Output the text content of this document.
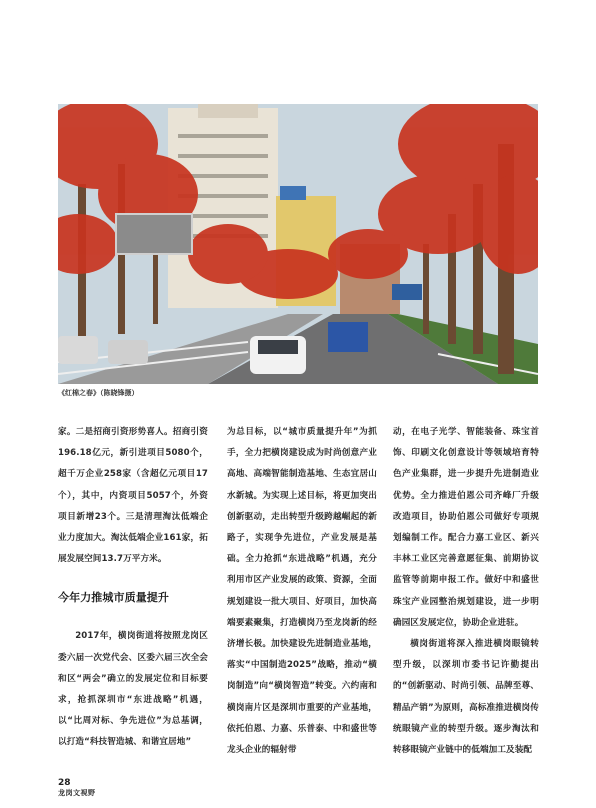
《红棉之春》（陈晓锋摄）

家。二是招商引资形势喜人。招商引资196.18亿元，新引进项目5080个，超千万企业258家（含超亿元项目17个），其中，内资项目5057个，外资项目新增23个。三是清理淘汰低端企业力度加大。淘汰低端企业161家，拓展发展空间13.7万平方米。

今年力推城市质量提升

2017年，横岗街道将按照龙岗区委六届一次党代会、区委六届三次全会和区“两会”确立的发展定位和目标要求，抢抓深圳市“东进战略”机遇，以“比周对标、争先进位”为总基调，以打造“科技智造城、和谐宜居地”

为总目标，以“城市质量提升年”为抓手，全力把横岗建设成为时尚创意产业高地、高端智能制造基地、生态宜居山水新城。为实现上述目标，将更加突出创新驱动，走出转型升级跨越崛起的新路子，实现争先进位，产业发展是基础。全力抢抓“东进战略”机遇，充分利用市区产业发展的政策、资源，全面规划建设一批大项目、好项目，加快高端要素聚集，打造横岗乃至龙岗新的经济增长极。加快建设先进制造业基地，落实“中国制造2025”战略，推动“横岗制造”向“横岗智造”转变。六约南和横岗南片区是深圳市重要的产业基地，依托伯恩、力嘉、乐普泰、中和盛世等龙头企业的辐射带

动，在电子光学、智能装备、珠宝首饰、印刷文化创意设计等领域培育特色产业集群，进一步提升先进制造业优势。全力推进伯恩公司齐峰厂升级改造项目，协助伯恩公司做好专项规划编制工作。配合力嘉工业区、新兴丰林工业区完善意愿征集、前期协议监管等前期申报工作。做好中和盛世珠宝产业园整治规划建设，进一步明确园区发展定位，协助企业进驻。

横岗街道将深入推进横岗眼镜转型升级，以深圳市委书记许勤提出的“创新驱动、时尚引领、品牌至尊、精品产销”为原则，高标准推进横岗传统眼镜产业的转型升级。逐步淘汰和转移眼镜产业链中的低端加工及装配

28
龙岗文视野
